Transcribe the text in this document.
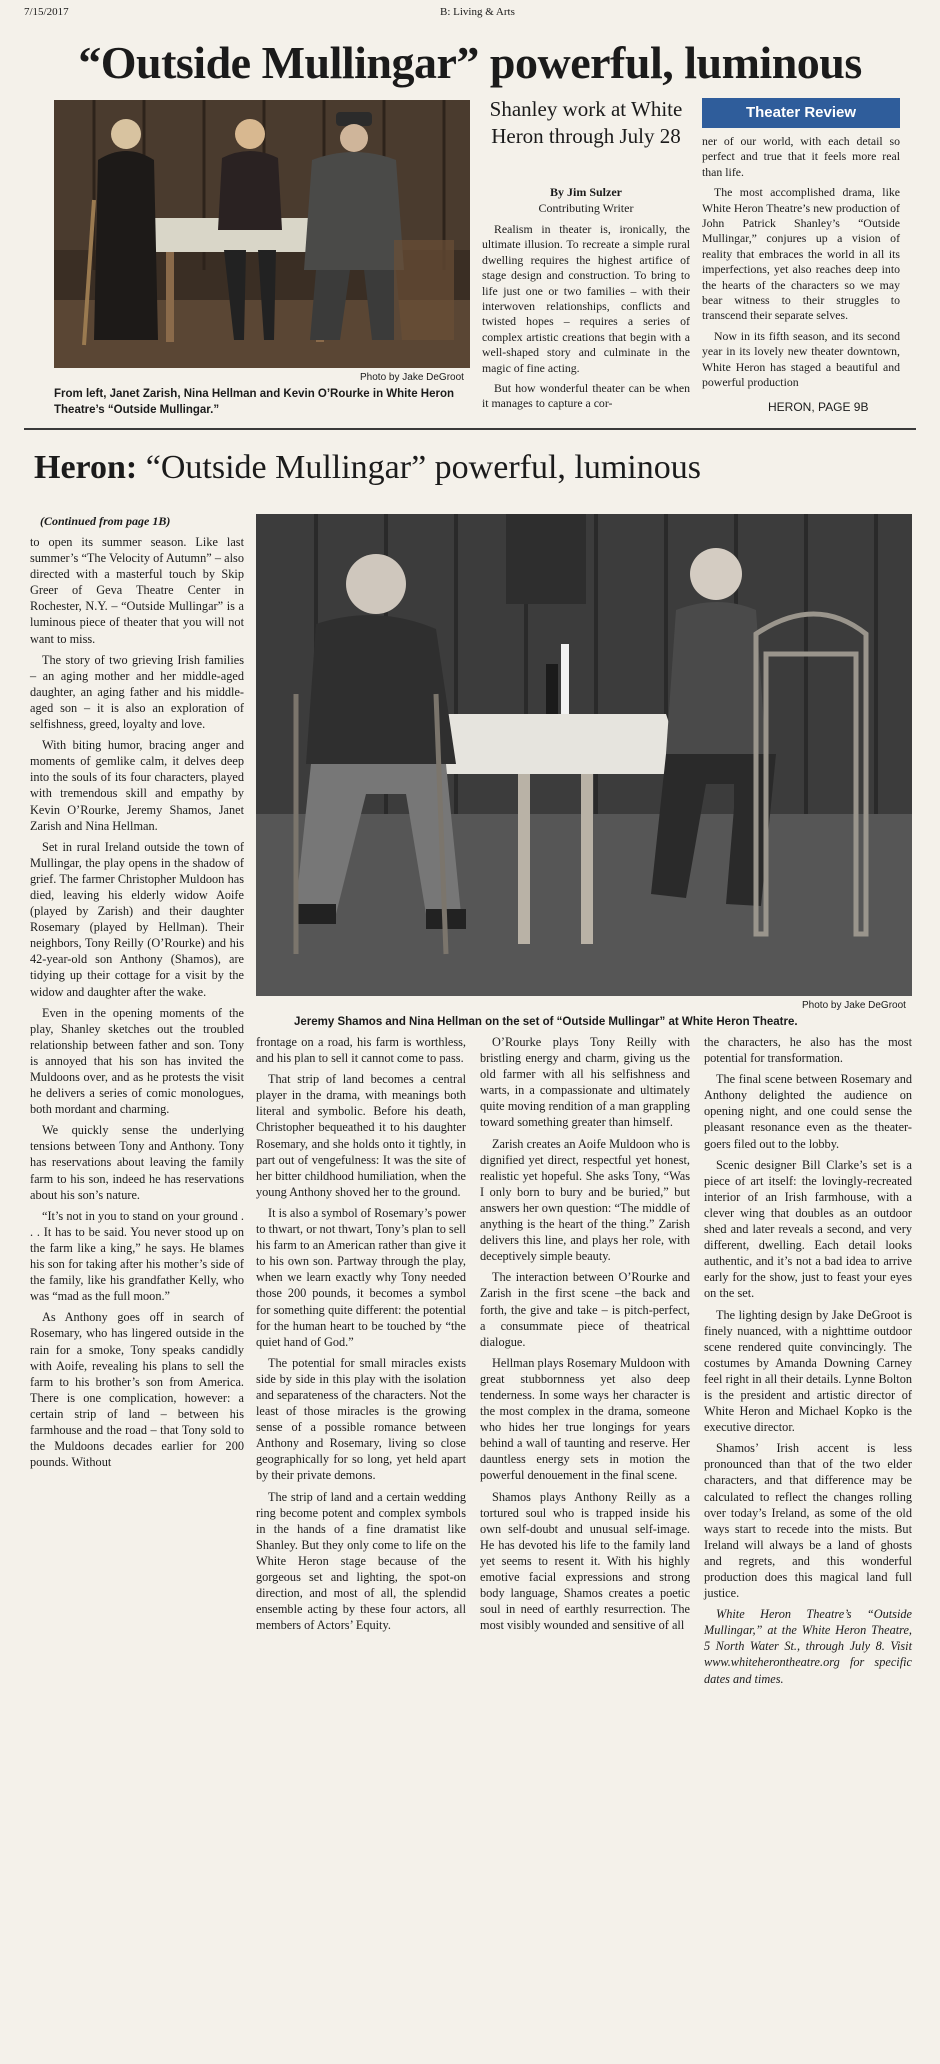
7/15/2017	B: Living & Arts
“Outside Mullingar” powerful, luminous
Photo by Jake DeGroot
From left, Janet Zarish, Nina Hellman and Kevin O’Rourke in White Heron Theatre’s “Outside Mullingar.”
Shanley work at White Heron through July 28
By Jim Sulzer
Contributing Writer

Realism in theater is, ironically, the ultimate illusion. To recreate a simple rural dwelling requires the highest artifice of stage design and construction. To bring to life just one or two families – with their interwoven relationships, conflicts and twisted hopes – requires a series of complex artistic creations that begin with a well-shaped story and culminate in the magic of fine acting.

But how wonderful theater can be when it manages to capture a cor-

Theater Review

ner of our world, with each detail so perfect and true that it feels more real than life.

The most accomplished drama, like White Heron Theatre’s new production of John Patrick Shanley’s “Outside Mullingar,” conjures up a vision of reality that embraces the world in all its imperfections, yet also reaches deep into the hearts of the characters so we may bear witness to their struggles to transcend their separate selves.

Now in its fifth season, and its second year in its lovely new theater downtown, White Heron has staged a beautiful and powerful production

HERON, PAGE 9B
Heron: “Outside Mullingar” powerful, luminous
(Continued from page 1B)
Photo by Jake DeGroot
Jeremy Shamos and Nina Hellman on the set of “Outside Mullingar” at White Heron Theatre.

to open its summer season. Like last summer’s “The Velocity of Autumn” – also directed with a masterful touch by Skip Greer of Geva Theatre Center in Rochester, N.Y. – “Outside Mullingar” is a luminous piece of theater that you will not want to miss.

The story of two grieving Irish families – an aging mother and her middle-aged daughter, an aging father and his middle-aged son – it is also an exploration of selfishness, greed, loyalty and love.

With biting humor, bracing anger and moments of gemlike calm, it delves deep into the souls of its four characters, played with tremendous skill and empathy by Kevin O’Rourke, Jeremy Shamos, Janet Zarish and Nina Hellman.

Set in rural Ireland outside the town of Mullingar, the play opens in the shadow of grief. The farmer Christopher Muldoon has died, leaving his elderly widow Aoife (played by Zarish) and their daughter Rosemary (played by Hellman). Their neighbors, Tony Reilly (O’Rourke) and his 42-year-old son Anthony (Shamos), are tidying up their cottage for a visit by the widow and daughter after the wake.

Even in the opening moments of the play, Shanley sketches out the troubled relationship between father and son. Tony is annoyed that his son has invited the Muldoons over, and as he protests the visit he delivers a series of comic monologues, both mordant and charming.

We quickly sense the underlying tensions between Tony and Anthony. Tony has reservations about leaving the family farm to his son, indeed he has reservations about his son’s nature.

“It’s not in you to stand on your ground . . . It has to be said. You never stood up on the farm like a king,” he says. He blames his son for taking after his mother’s side of the family, like his grandfather Kelly, who was “mad as the full moon.”

As Anthony goes off in search of Rosemary, who has lingered outside in the rain for a smoke, Tony speaks candidly with Aoife, revealing his plans to sell the farm to his brother’s son from America. There is one complication, however: a certain strip of land – between his farmhouse and the road – that Tony sold to the Muldoons decades earlier for 200 pounds. Without

frontage on a road, his farm is worthless, and his plan to sell it cannot come to pass.

That strip of land becomes a central player in the drama, with meanings both literal and symbolic. Before his death, Christopher bequeathed it to his daughter Rosemary, and she holds onto it tightly, in part out of vengefulness: It was the site of her bitter childhood humiliation, when the young Anthony shoved her to the ground.

It is also a symbol of Rosemary’s power to thwart, or not thwart, Tony’s plan to sell his farm to an American rather than give it to his own son. Partway through the play, when we learn exactly why Tony needed those 200 pounds, it becomes a symbol for something quite different: the potential for the human heart to be touched by “the quiet hand of God.”

The potential for small miracles exists side by side in this play with the isolation and separateness of the characters. Not the least of those miracles is the growing sense of a possible romance between Anthony and Rosemary, living so close geographically for so long, yet held apart by their private demons.

The strip of land and a certain wedding ring become potent and complex symbols in the hands of a fine dramatist like Shanley. But they only come to life on the White Heron stage because of the gorgeous set and lighting, the spot-on direction, and most of all, the splendid ensemble acting by these four actors, all members of Actors’ Equity.

O’Rourke plays Tony Reilly with bristling energy and charm, giving us the old farmer with all his selfishness and warts, in a compassionate and ultimately quite moving rendition of a man grappling toward something greater than himself.

Zarish creates an Aoife Muldoon who is dignified yet direct, respectful yet honest, realistic yet hopeful. She asks Tony, “Was I only born to bury and be buried,” but answers her own question: “The middle of anything is the heart of the thing.” Zarish delivers this line, and plays her role, with deceptively simple beauty.

The interaction between O’Rourke and Zarish in the first scene –the back and forth, the give and take – is pitch-perfect, a consummate piece of theatrical dialogue.

Hellman plays Rosemary Muldoon with great stubbornness yet also deep tenderness. In some ways her character is the most complex in the drama, someone who hides her true longings for years behind a wall of taunting and reserve. Her dauntless energy sets in motion the powerful denouement in the final scene.

Shamos plays Anthony Reilly as a tortured soul who is trapped inside his own self-doubt and unusual self-image. He has devoted his life to the family land yet seems to resent it. With his highly emotive facial expressions and strong body language, Shamos creates a poetic soul in need of earthly resurrection. The most visibly wounded and sensitive of all

the characters, he also has the most potential for transformation.

The final scene between Rosemary and Anthony delighted the audience on opening night, and one could sense the pleasant resonance even as the theater-goers filed out to the lobby.

Scenic designer Bill Clarke’s set is a piece of art itself: the lovingly-recreated interior of an Irish farmhouse, with a clever wing that doubles as an outdoor shed and later reveals a second, and very different, dwelling. Each detail looks authentic, and it’s not a bad idea to arrive early for the show, just to feast your eyes on the set.

The lighting design by Jake DeGroot is finely nuanced, with a nighttime outdoor scene rendered quite convincingly. The costumes by Amanda Downing Carney feel right in all their details. Lynne Bolton is the president and artistic director of White Heron and Michael Kopko is the executive director.

Shamos’ Irish accent is less pronounced than that of the two elder characters, and that difference may be calculated to reflect the changes rolling over today’s Ireland, as some of the old ways start to recede into the mists. But Ireland will always be a land of ghosts and regrets, and this wonderful production does this magical land full justice.

White Heron Theatre’s “Outside Mullingar,” at the White Heron Theatre, 5 North Water St., through July 8. Visit www.whiteherontheatre.org for specific dates and times.
